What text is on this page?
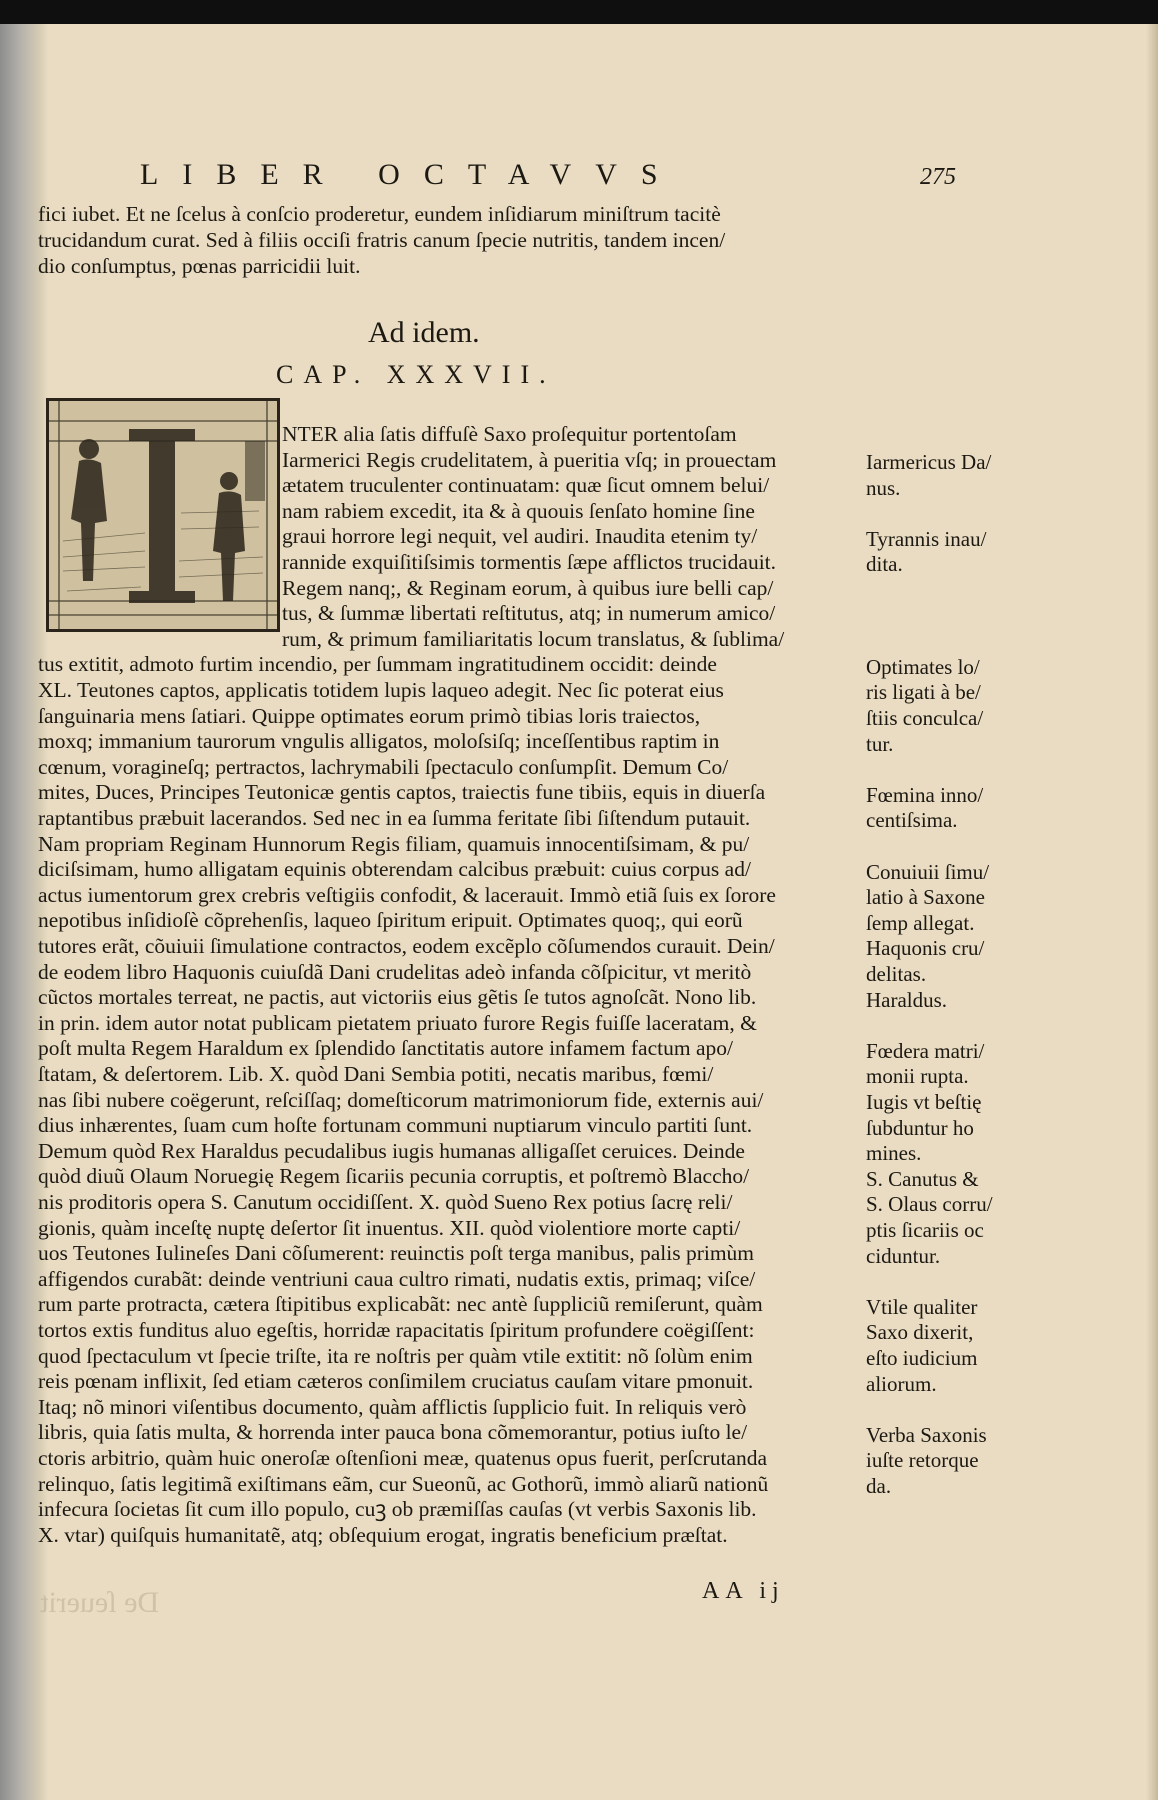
LIBER OCTAVVS	275
fici iubet. Et ne ſcelus à conſcio proderetur, eundem inſidiarum miniſtrum tacitè
trucidandum curat. Sed à filiis occiſi fratris canum ſpecie nutritis, tandem incen/
dio conſumptus, pœnas parricidii luit.
Ad idem.
CAP. XXXVII.
NTER alia ſatis diffuſè Saxo proſequitur portentoſam
Iarmerici Regis crudelitatem, à pueritia vſq; in prouectam
ætatem truculenter continuatam: quæ ſicut omnem belui/
nam rabiem excedit, ita & à quouis ſenſato homine ſine
graui horrore legi nequit, vel audiri. Inaudita etenim ty/
rannide exquiſitiſsimis tormentis ſæpe afflictos trucidauit.
Regem nanq;, & Reginam eorum, à quibus iure belli cap/
tus, & ſummæ libertati reſtitutus, atq; in numerum amico/
rum, & primum familiaritatis locum translatus, & ſublima/
tus extitit, admoto furtim incendio, per ſummam ingratitudinem occidit: deinde
XL. Teutones captos, applicatis totidem lupis laqueo adegit. Nec ſic poterat eius
ſanguinaria mens ſatiari. Quippe optimates eorum primò tibias loris traiectos,
moxq; immanium taurorum vngulis alligatos, moloſsiſq; inceſſentibus raptim in
cœnum, voragineſq; pertractos, lachrymabili ſpectaculo conſumpſit. Demum Co/
mites, Duces, Principes Teutonicæ gentis captos, traiectis fune tibiis, equis in diuerſa
raptantibus præbuit lacerandos. Sed nec in ea ſumma feritate ſibi ſiſtendum putauit.
Nam propriam Reginam Hunnorum Regis filiam, quamuis innocentiſsimam, & pu/
diciſsimam, humo alligatam equinis obterendam calcibus præbuit: cuius corpus ad/
actus iumentorum grex crebris veſtigiis confodit, & lacerauit. Immò etiã ſuis ex ſorore
nepotibus inſidioſè cõprehenſis, laqueo ſpiritum eripuit. Optimates quoq;, qui eorũ
tutores erãt, cõuiuii ſimulatione contractos, eodem excẽplo cõſumendos curauit. Dein/
de eodem libro Haquonis cuiuſdã Dani crudelitas adeò infanda cõſpicitur, vt meritò
cũctos mortales terreat, ne pactis, aut victoriis eius gẽtis ſe tutos agnoſcãt. Nono lib.
in prin. idem autor notat publicam pietatem priuato furore Regis fuiſſe laceratam, &
poſt multa Regem Haraldum ex ſplendido ſanctitatis autore infamem factum apo/
ſtatam, & deſertorem. Lib. X. quòd Dani Sembia potiti, necatis maribus, fœmi/
nas ſibi nubere coëgerunt, reſciſſaq; domeſticorum matrimoniorum fide, externis aui/
dius inhærentes, ſuam cum hoſte fortunam communi nuptiarum vinculo partiti ſunt.
Demum quòd Rex Haraldus pecudalibus iugis humanas alligaſſet ceruices. Deinde
quòd diuũ Olaum Noruegię Regem ſicariis pecunia corruptis, et poſtremò Blaccho/
nis proditoris opera S. Canutum occidiſſent. X. quòd Sueno Rex potius ſacrę reli/
gionis, quàm inceſtę nuptę deſertor ſit inuentus. XII. quòd violentiore morte capti/
uos Teutones Iulineſes Dani cõſumerent: reuinctis poſt terga manibus, palis primùm
affigendos curabãt: deinde ventriuni caua cultro rimati, nudatis extis, primaq; viſce/
rum parte protracta, cætera ſtipitibus explicabãt: nec antè ſuppliciũ remiſerunt, quàm
tortos extis funditus aluo egeſtis, horridæ rapacitatis ſpiritum profundere coëgiſſent:
quod ſpectaculum vt ſpecie triſte, ita re noſtris per quàm vtile extitit: nõ ſolùm enim
reis pœnam inflixit, ſed etiam cæteros conſimilem cruciatus cauſam vitare pmonuit.
Itaq; nõ minori viſentibus documento, quàm afflictis ſupplicio fuit. In reliquis verò
libris, quia ſatis multa, & horrenda inter pauca bona cõmemorantur, potius iuſto le/
ctoris arbitrio, quàm huic oneroſæ oſtenſioni meæ, quatenus opus fuerit, perſcrutanda
relinquo, ſatis legitimã exiſtimans eãm, cur Sueonũ, ac Gothorũ, immò aliarũ nationũ
infecura ſocietas ſit cum illo populo, cuꝫ ob præmiſſas cauſas (vt verbis Saxonis lib.
X. vtar) quiſquis humanitatẽ, atq; obſequium erogat, ingratis beneficium præſtat.
Iarmericus Da/
nus.
Tyrannis inau/
dita.
Optimates lo/
ris ligati à be/
ſtiis conculca/
tur.
Fœmina inno/
centiſsima.
Conuiuii ſimu/
latio à Saxone
ſemp allegat.
Haquonis cru/
delitas.
Haraldus.
Fœdera matri/
monii rupta.
Iugis vt beſtię
ſubduntur ho
mines.
S. Canutus &
S. Olaus corru/
ptis ſicariis oc
ciduntur.
Vtile qualiter
Saxo dixerit,
eſto iudicium
aliorum.
Verba Saxonis
iuſte retorque
da.
De ſeuerit	AA ij
